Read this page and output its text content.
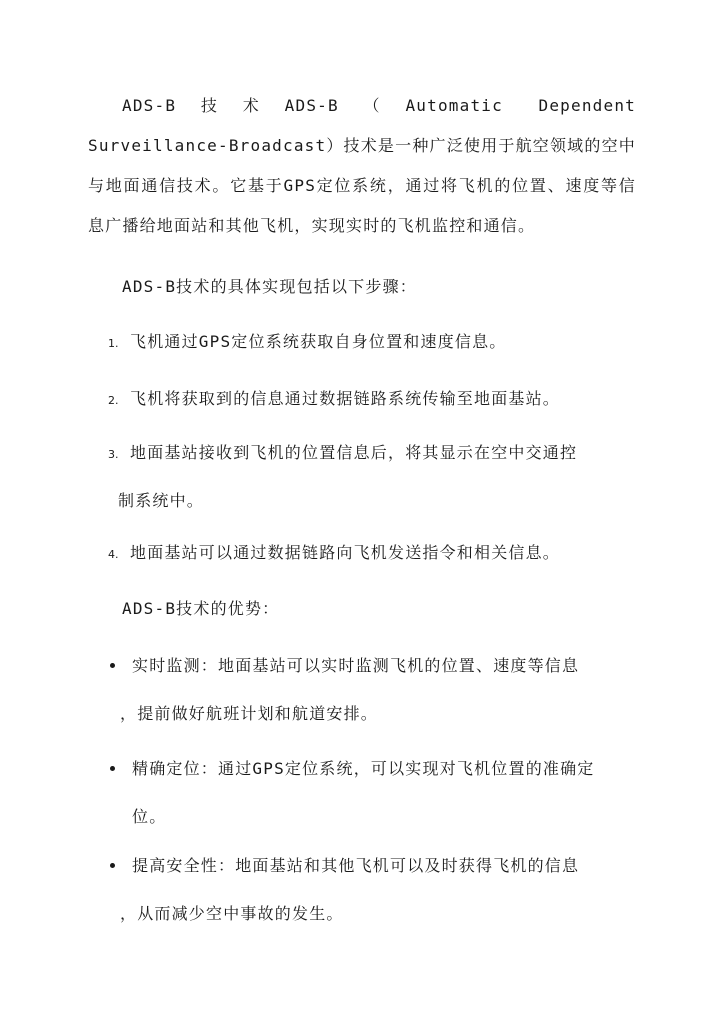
ADS-B技术ADS-B（Automatic Dependent Surveillance-Broadcast）技术是一种广泛使用于航空领域的空中与地面通信技术。它基于GPS定位系统，通过将飞机的位置、速度等信息广播给地面站和其他飞机，实现实时的飞机监控和通信。

ADS-B技术的具体实现包括以下步骤：

1. 飞机通过GPS定位系统获取自身位置和速度信息。
2. 飞机将获取到的信息通过数据链路系统传输至地面基站。
3. 地面基站接收到飞机的位置信息后，将其显示在空中交通控
制系统中。
4. 地面基站可以通过数据链路向飞机发送指令和相关信息。

ADS-B技术的优势：

实时监测：地面基站可以实时监测飞机的位置、速度等信息
，提前做好航班计划和航道安排。
精确定位：通过GPS定位系统，可以实现对飞机位置的准确定
位。
提高安全性：地面基站和其他飞机可以及时获得飞机的信息
，从而减少空中事故的发生。
